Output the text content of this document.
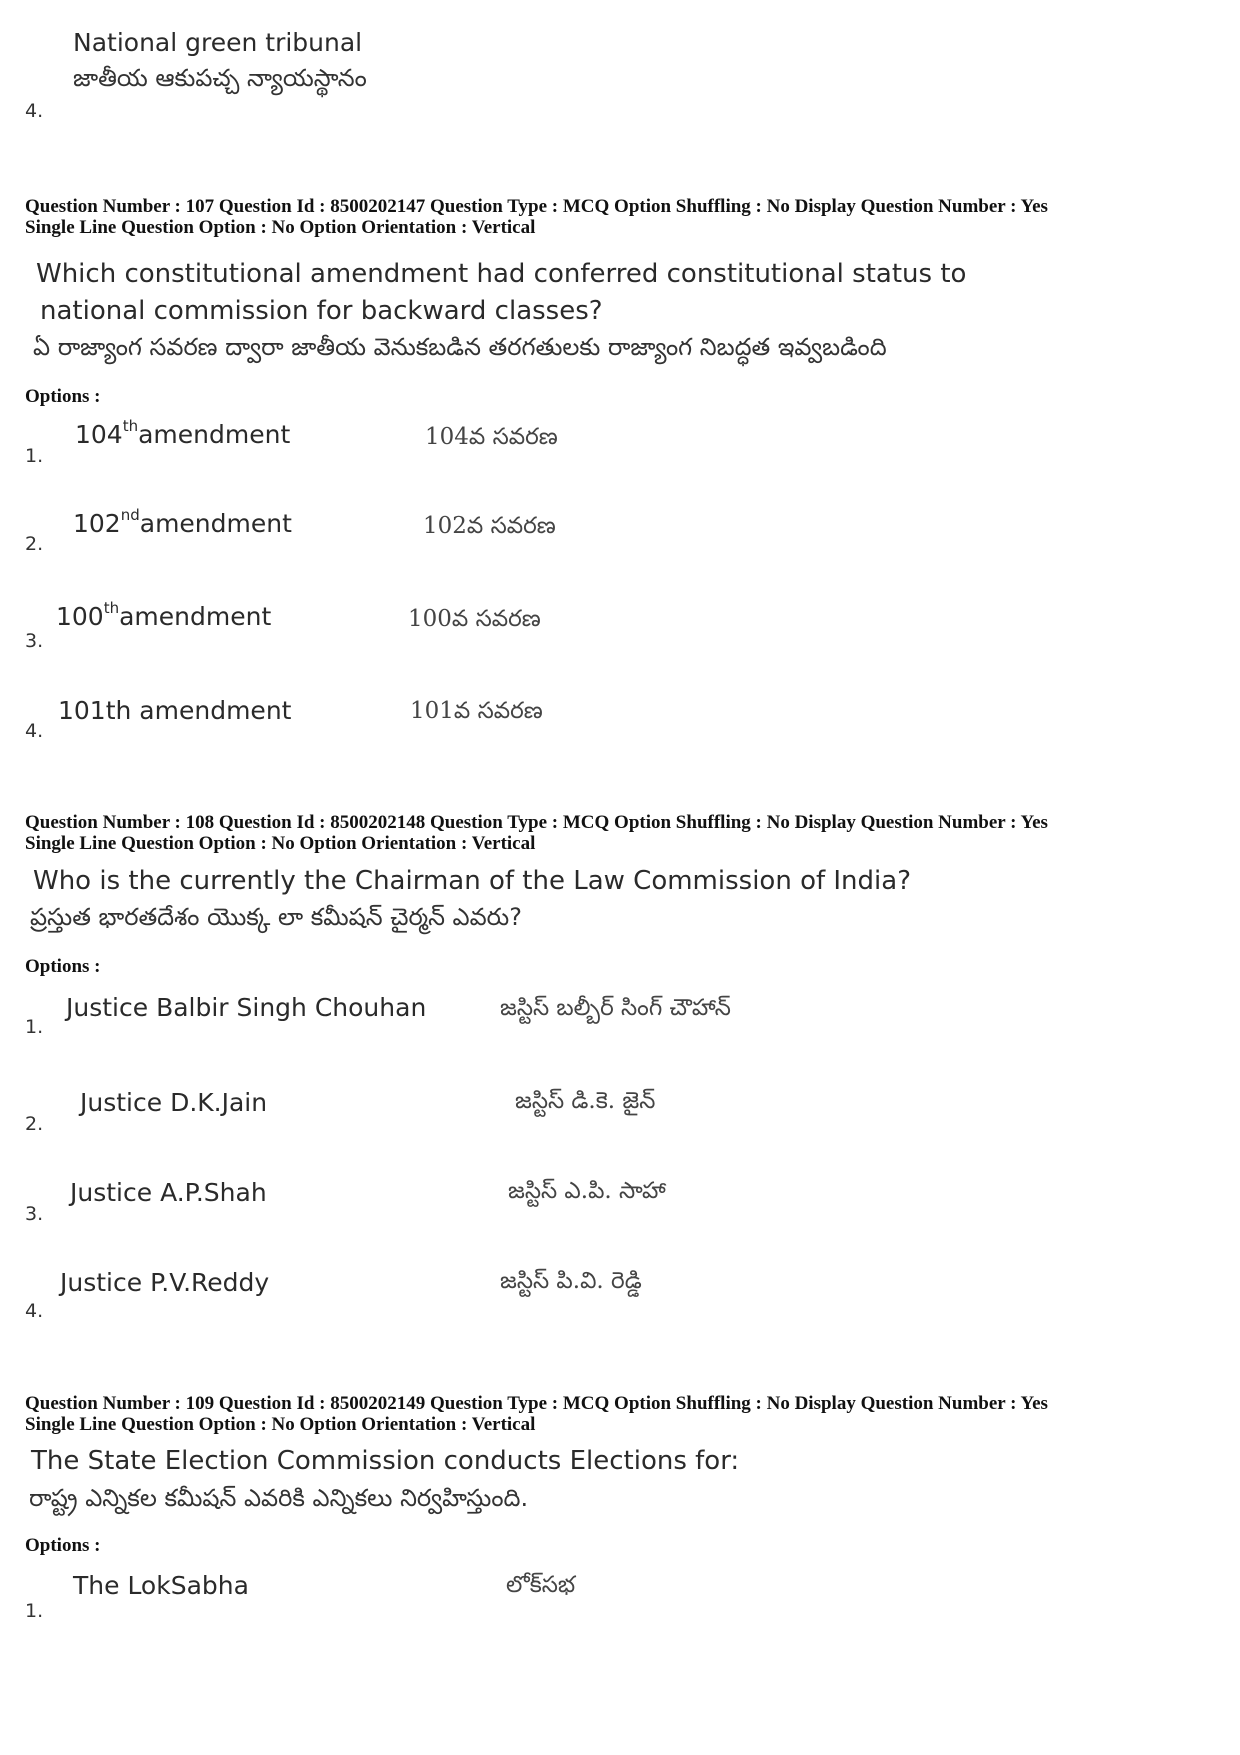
National green tribunal
జాతీయ ఆకుపచ్చ న్యాయస్థానం
4.
Question Number : 107 Question Id : 8500202147 Question Type : MCQ Option Shuffling : No Display Question Number : Yes
Single Line Question Option : No Option Orientation : Vertical
Which constitutional amendment had conferred constitutional status to
national commission for backward classes?
ఏ రాజ్యాంగ సవరణ ద్వారా జాతీయ వెనుకబడిన తరగతులకు రాజ్యాంగ నిబద్ధత ఇవ్వబడింది
Options :
104thamendment	104వ సవరణ
1.
102ndamendment	102వ సవరణ
2.
100thamendment	100వ సవరణ
3.
101th amendment	101వ సవరణ
4.
Question Number : 108 Question Id : 8500202148 Question Type : MCQ Option Shuffling : No Display Question Number : Yes
Single Line Question Option : No Option Orientation : Vertical
Who is the currently the Chairman of the Law Commission of India?
ప్రస్తుత భారతదేశం యొక్క లా కమీషన్ చైర్మన్ ఎవరు?
Options :
Justice Balbir Singh Chouhan	జస్టిస్ బల్బీర్ సింగ్ చౌహాన్
1.
Justice D.K.Jain	జస్టిస్ డి.కె. జైన్
2.
Justice A.P.Shah	జస్టిస్ ఎ.పి. సాహా
3.
Justice P.V.Reddy	జస్టిస్ పి.వి. రెడ్డి
4.
Question Number : 109 Question Id : 8500202149 Question Type : MCQ Option Shuffling : No Display Question Number : Yes
Single Line Question Option : No Option Orientation : Vertical
The State Election Commission conducts Elections for:
రాష్ట్ర ఎన్నికల కమీషన్ ఎవరికి ఎన్నికలు నిర్వహిస్తుంది.
Options :
The LokSabha	లోక్‌సభ
1.
